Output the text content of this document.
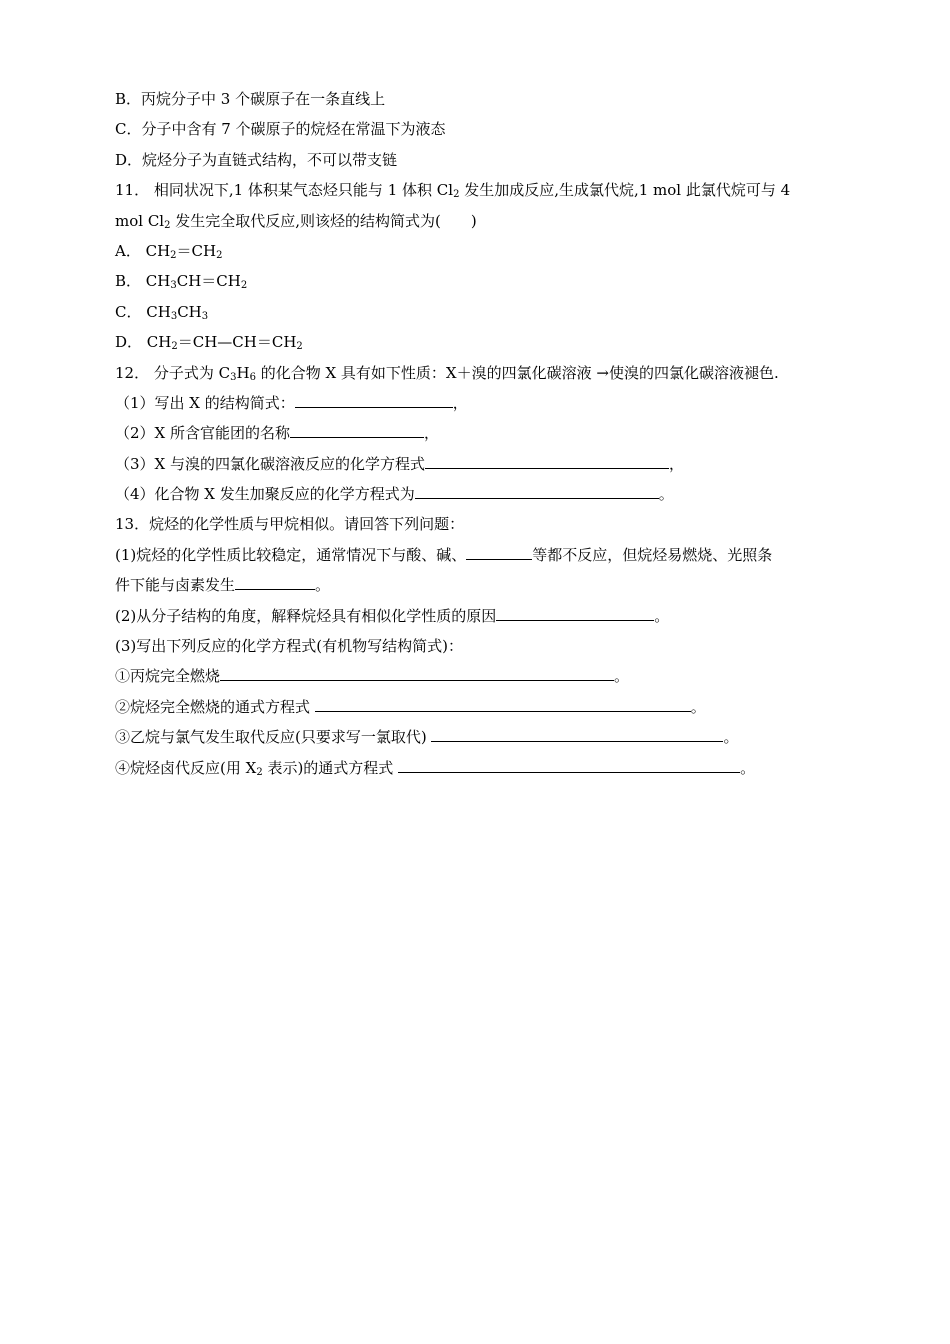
B．丙烷分子中 3 个碳原子在一条直线上
C．分子中含有 7 个碳原子的烷烃在常温下为液态
D．烷烃分子为直链式结构，不可以带支链
11． 相同状况下,1 体积某气态烃只能与 1 体积 $Cl_2$ 发生加成反应,生成氯代烷,1 mol 此氯代烷可与 4
mol $Cl_2$ 发生完全取代反应,则该烃的结构简式为(　　)
A． $CH_2=CH_2$
B． $CH_3CH=CH_2$
C． $CH_3CH_3$
D． $CH_2=CH—CH=CH_2$
12． 分子式为 $C_3H_6$ 的化合物 X 具有如下性质：X＋溴的四氯化碳溶液 →使溴的四氯化碳溶液褪色.
（1）写出 X 的结构简式：	，
（2）X 所含官能团的名称	，
（3）X 与溴的四氯化碳溶液反应的化学方程式	，
（4）化合物 X 发生加聚反应的化学方程式为	。
13．烷烃的化学性质与甲烷相似。请回答下列问题：
(1)烷烃的化学性质比较稳定，通常情况下与酸、碱、	等都不反应，但烷烃易燃烧、光照条
件下能与卤素发生	。
(2)从分子结构的角度，解释烷烃具有相似化学性质的原因	。
(3)写出下列反应的化学方程式(有机物写结构简式)：
①丙烷完全燃烧	。
②烷烃完全燃烧的通式方程式	。
③乙烷与氯气发生取代反应(只要求写一氯取代)	。
④烷烃卤代反应(用 $X_2$ 表示)的通式方程式	。
